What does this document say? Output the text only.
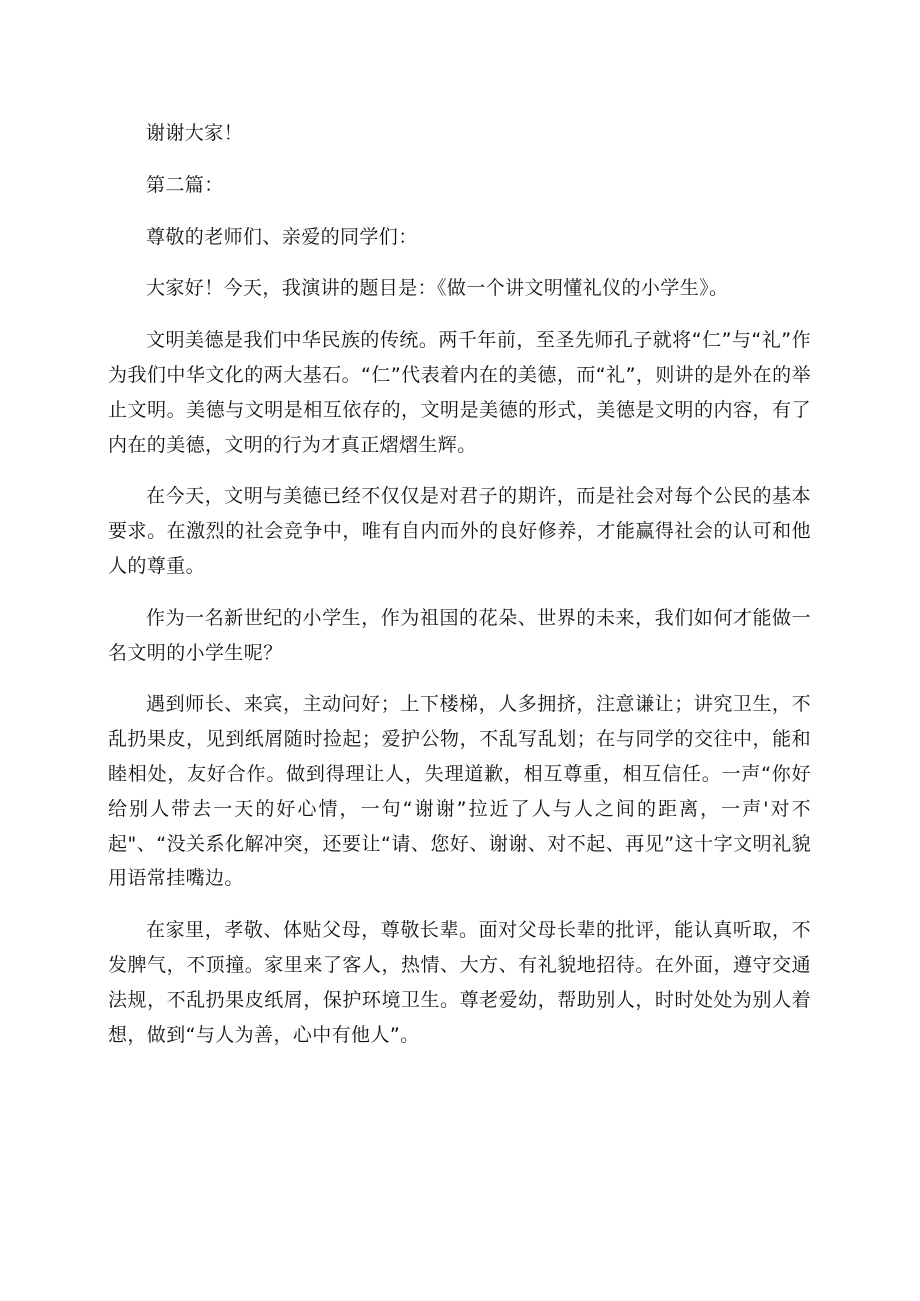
谢谢大家！

第二篇：

尊敬的老师们、亲爱的同学们：

大家好！今天，我演讲的题目是：《做一个讲文明懂礼仪的小学生》。

文明美德是我们中华民族的传统。两千年前，至圣先师孔子就将“仁”与“礼”作为我们中华文化的两大基石。“仁”代表着内在的美德，而“礼”，则讲的是外在的举止文明。美德与文明是相互依存的，文明是美德的形式，美德是文明的内容，有了内在的美德，文明的行为才真正熠熠生辉。

在今天，文明与美德已经不仅仅是对君子的期许，而是社会对每个公民的基本要求。在激烈的社会竞争中，唯有自内而外的良好修养，才能赢得社会的认可和他人的尊重。

作为一名新世纪的小学生，作为祖国的花朵、世界的未来，我们如何才能做一名文明的小学生呢？

遇到师长、来宾，主动问好；上下楼梯，人多拥挤，注意谦让；讲究卫生，不乱扔果皮，见到纸屑随时捡起；爱护公物，不乱写乱划；在与同学的交往中，能和睦相处，友好合作。做到得理让人，失理道歉，相互尊重，相互信任。一声“你好给别人带去一天的好心情，一句“谢谢”拉近了人与人之间的距离，一声'对不起"、“没关系化解冲突，还要让“请、您好、谢谢、对不起、再见”这十字文明礼貌用语常挂嘴边。

在家里，孝敬、体贴父母，尊敬长辈。面对父母长辈的批评，能认真听取，不发脾气，不顶撞。家里来了客人，热情、大方、有礼貌地招待。在外面，遵守交通法规，不乱扔果皮纸屑，保护环境卫生。尊老爱幼，帮助别人，时时处处为别人着想，做到“与人为善，心中有他人”。
